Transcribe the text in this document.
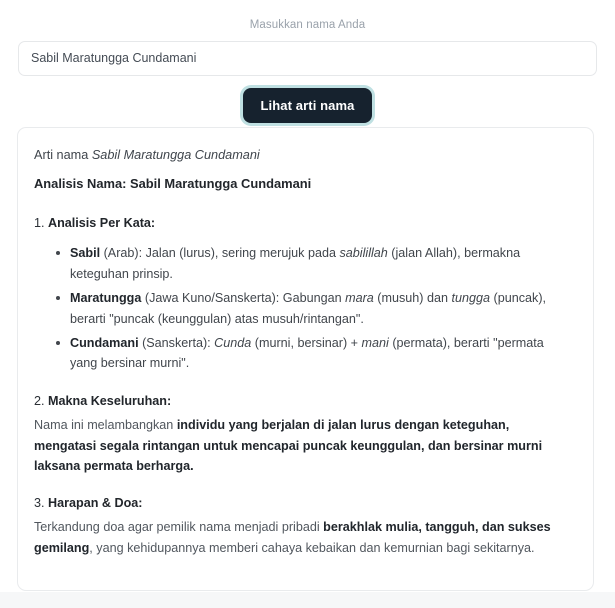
Masukkan nama Anda
Sabil Maratungga Cundamani
Lihat arti nama
Arti nama Sabil Maratungga Cundamani
Analisis Nama: Sabil Maratungga Cundamani
1. Analisis Per Kata:
Sabil (Arab): Jalan (lurus), sering merujuk pada sabilillah (jalan Allah), bermakna keteguhan prinsip.
Maratungga (Jawa Kuno/Sanskerta): Gabungan mara (musuh) dan tungga (puncak), berarti "puncak (keunggulan) atas musuh/rintangan".
Cundamani (Sanskerta): Cunda (murni, bersinar) + mani (permata), berarti "permata yang bersinar murni".
2. Makna Keseluruhan:

Nama ini melambangkan individu yang berjalan di jalan lurus dengan keteguhan, mengatasi segala rintangan untuk mencapai puncak keunggulan, dan bersinar murni laksana permata berharga.

3. Harapan & Doa:

Terkandung doa agar pemilik nama menjadi pribadi berakhlak mulia, tangguh, dan sukses gemilang, yang kehidupannya memberi cahaya kebaikan dan kemurnian bagi sekitarnya.
